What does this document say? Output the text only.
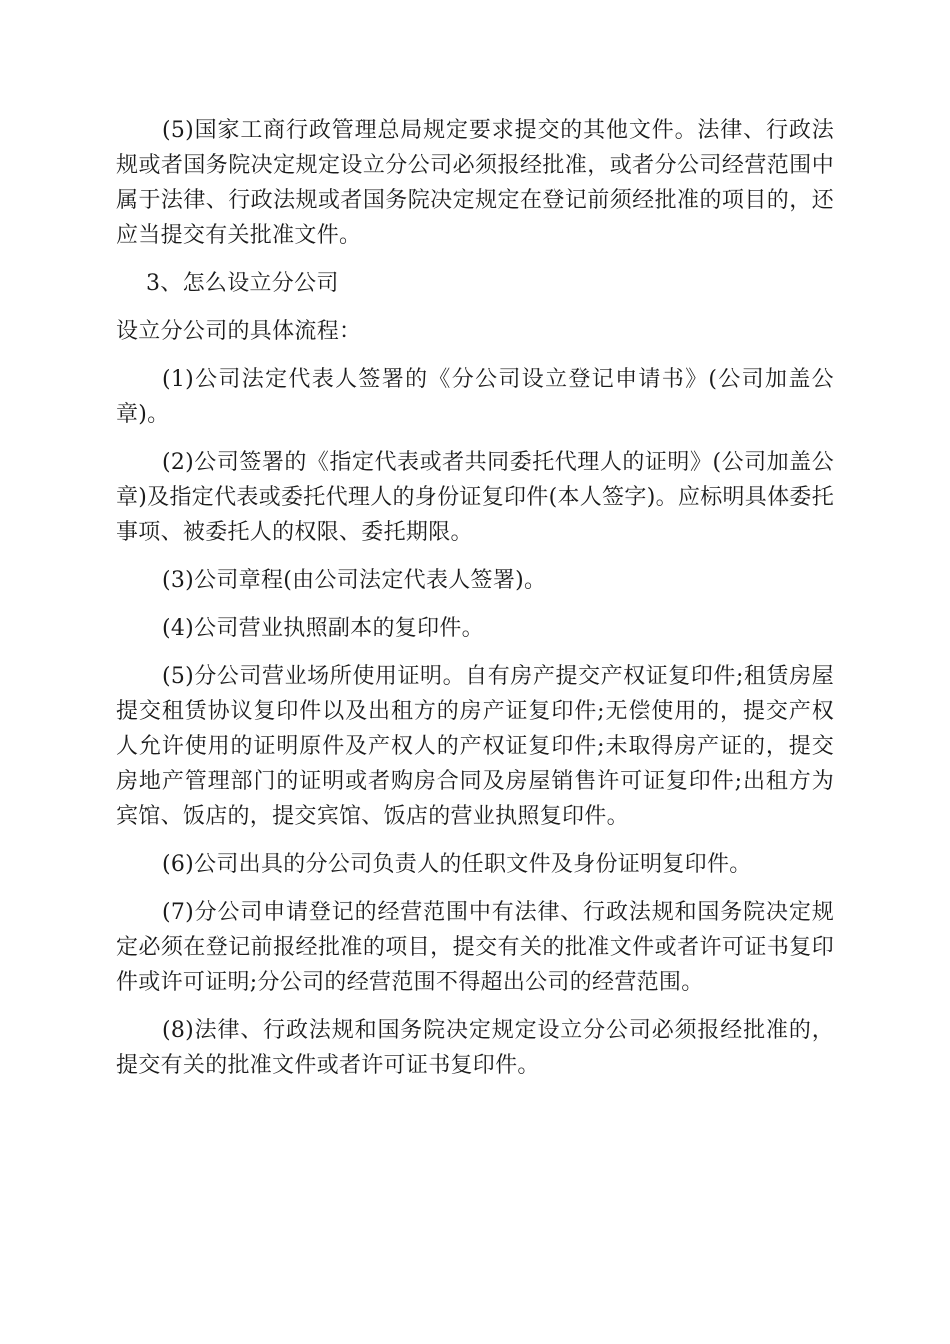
(5)国家工商行政管理总局规定要求提交的其他文件。法律、行政法规或者国务院决定规定设立分公司必须报经批准，或者分公司经营范围中属于法律、行政法规或者国务院决定规定在登记前须经批准的项目的，还应当提交有关批准文件。

3、怎么设立分公司

设立分公司的具体流程：

(1)公司法定代表人签署的《分公司设立登记申请书》(公司加盖公章)。

(2)公司签署的《指定代表或者共同委托代理人的证明》(公司加盖公章)及指定代表或委托代理人的身份证复印件(本人签字)。应标明具体委托事项、被委托人的权限、委托期限。

(3)公司章程(由公司法定代表人签署)。

(4)公司营业执照副本的复印件。

(5)分公司营业场所使用证明。自有房产提交产权证复印件;租赁房屋提交租赁协议复印件以及出租方的房产证复印件;无偿使用的，提交产权人允许使用的证明原件及产权人的产权证复印件;未取得房产证的，提交房地产管理部门的证明或者购房合同及房屋销售许可证复印件;出租方为宾馆、饭店的，提交宾馆、饭店的营业执照复印件。

(6)公司出具的分公司负责人的任职文件及身份证明复印件。

(7)分公司申请登记的经营范围中有法律、行政法规和国务院决定规定必须在登记前报经批准的项目，提交有关的批准文件或者许可证书复印件或许可证明;分公司的经营范围不得超出公司的经营范围。

(8)法律、行政法规和国务院决定规定设立分公司必须报经批准的，提交有关的批准文件或者许可证书复印件。
